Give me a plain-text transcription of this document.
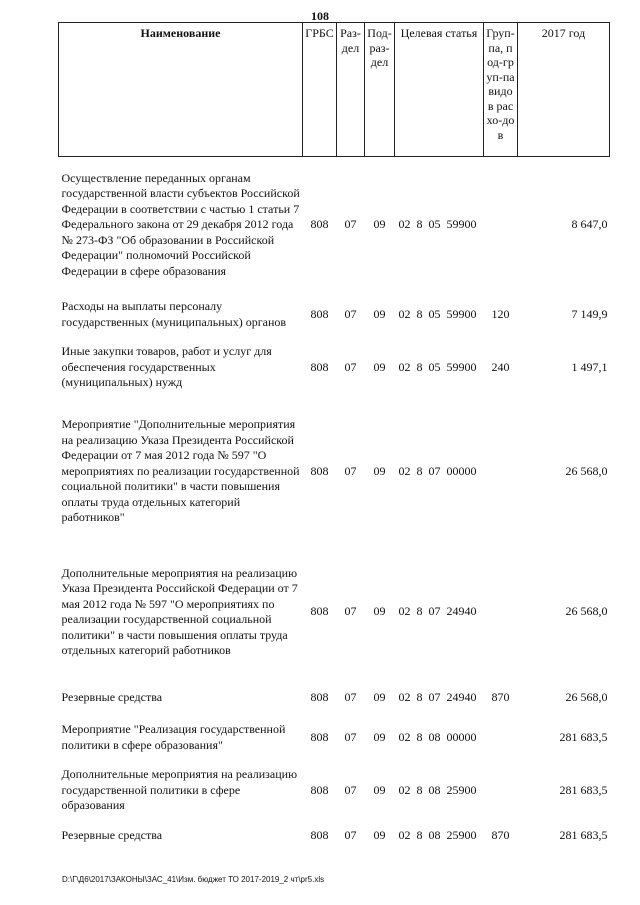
108
Наименование	ГРБС	Раз-дел	Под-раз-дел	Целевая статья	Груп-па, под-груп-па видов расхо-дов	2017 год
Осуществление переданных органам государственной власти субъектов Российской Федерации в соответствии с частью 1 статьи 7 Федерального закона от 29 декабря 2012 года № 273-ФЗ "Об образовании в Российской Федерации" полномочий Российской Федерации в сфере образования	808	07	09	02 8 05 59900		8 647,0
Расходы на выплаты персоналу государственных (муниципальных) органов	808	07	09	02 8 05 59900	120	7 149,9
Иные закупки товаров, работ и услуг для обеспечения государственных (муниципальных) нужд	808	07	09	02 8 05 59900	240	1 497,1
Мероприятие "Дополнительные мероприятия на реализацию Указа Президента Российской Федерации от 7 мая 2012 года № 597 "О мероприятиях по реализации государственной социальной политики" в части повышения оплаты труда отдельных категорий работников"	808	07	09	02 8 07 00000		26 568,0
Дополнительные мероприятия на реализацию Указа Президента Российской Федерации от 7 мая 2012 года № 597 "О мероприятиях по реализации государственной социальной политики" в части повышения оплаты труда отдельных категорий работников	808	07	09	02 8 07 24940		26 568,0
Резервные средства	808	07	09	02 8 07 24940	870	26 568,0
Мероприятие "Реализация государственной политики в сфере образования"	808	07	09	02 8 08 00000		281 683,5
Дополнительные мероприятия на реализацию государственной политики в сфере образования	808	07	09	02 8 08 25900		281 683,5
Резервные средства	808	07	09	02 8 08 25900	870	281 683,5
D:\Г\Д6\2017\ЗАКОНЫ\ЗАС_41\Изм. бюджет ТО 2017-2019_2 чт\pr5.xls
